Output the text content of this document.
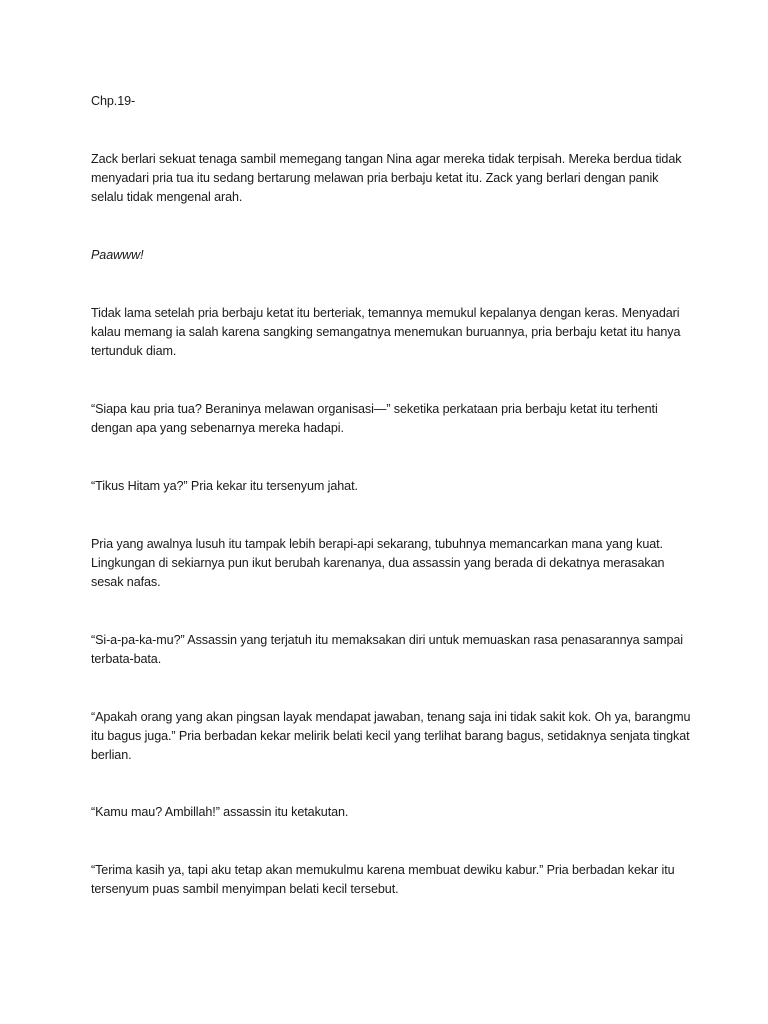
Chp.19-

Zack berlari sekuat tenaga sambil memegang tangan Nina agar mereka tidak terpisah. Mereka berdua tidak menyadari pria tua itu sedang bertarung melawan pria berbaju ketat itu. Zack yang berlari dengan panik selalu tidak mengenal arah.

Paawww!

Tidak lama setelah pria berbaju ketat itu berteriak, temannya memukul kepalanya dengan keras. Menyadari kalau memang ia salah karena sangking semangatnya menemukan buruannya, pria berbaju ketat itu hanya tertunduk diam.

“Siapa kau pria tua? Beraninya melawan organisasi—” seketika perkataan pria berbaju ketat itu terhenti dengan apa yang sebenarnya mereka hadapi.

“Tikus Hitam ya?” Pria kekar itu tersenyum jahat.

Pria yang awalnya lusuh itu tampak lebih berapi-api sekarang, tubuhnya memancarkan mana yang kuat. Lingkungan di sekiarnya pun ikut berubah karenanya, dua assassin yang berada di dekatnya merasakan sesak nafas.

“Si-a-pa-ka-mu?” Assassin yang terjatuh itu memaksakan diri untuk memuaskan rasa penasarannya sampai terbata-bata.

“Apakah orang yang akan pingsan layak mendapat jawaban, tenang saja ini tidak sakit kok. Oh ya, barangmu itu bagus juga.” Pria berbadan kekar melirik belati kecil yang terlihat barang bagus, setidaknya senjata tingkat berlian.

“Kamu mau? Ambillah!” assassin itu ketakutan.

“Terima kasih ya, tapi aku tetap akan memukulmu karena membuat dewiku kabur.” Pria berbadan kekar itu tersenyum puas sambil menyimpan belati kecil tersebut.
